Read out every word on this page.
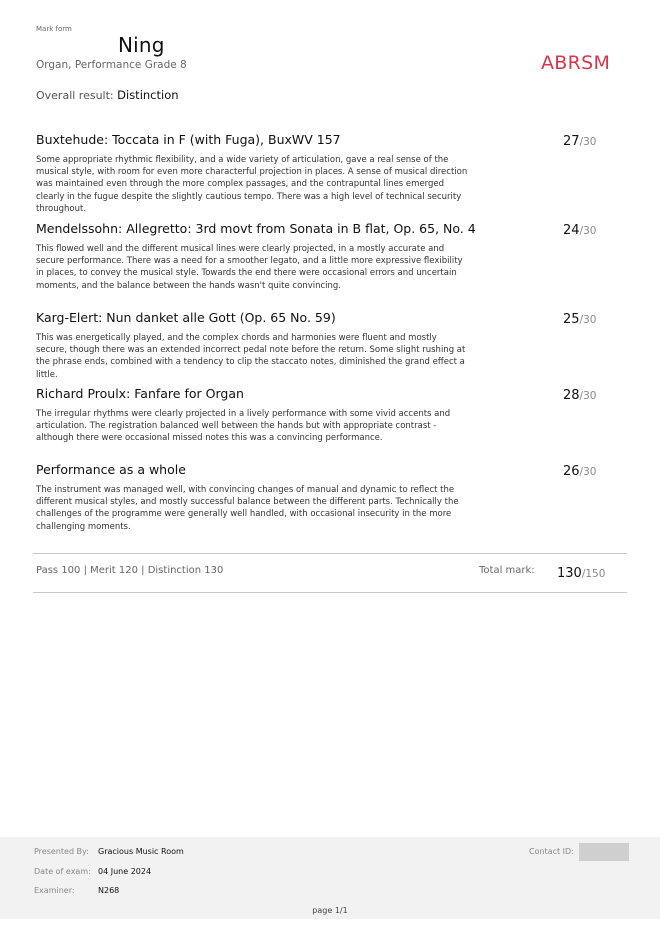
Mark form
Ning
Organ, Performance Grade 8	ABRSM
Overall result: Distinction
Buxtehude: Toccata in F (with Fuga), BuxWV 157	27/30
Some appropriate rhythmic flexibility, and a wide variety of articulation, gave a real sense of the musical style, with room for even more characterful projection in places. A sense of musical direction was maintained even through the more complex passages, and the contrapuntal lines emerged clearly in the fugue despite the slightly cautious tempo. There was a high level of technical security throughout.
Mendelssohn: Allegretto: 3rd movt from Sonata in B flat, Op. 65, No. 4	24/30
This flowed well and the different musical lines were clearly projected, in a mostly accurate and secure performance. There was a need for a smoother legato, and a little more expressive flexibility in places, to convey the musical style. Towards the end there were occasional errors and uncertain moments, and the balance between the hands wasn't quite convincing.
Karg-Elert: Nun danket alle Gott (Op. 65 No. 59)	25/30
This was energetically played, and the complex chords and harmonies were fluent and mostly secure, though there was an extended incorrect pedal note before the return. Some slight rushing at the phrase ends, combined with a tendency to clip the staccato notes, diminished the grand effect a little.
Richard Proulx: Fanfare for Organ	28/30
The irregular rhythms were clearly projected in a lively performance with some vivid accents and articulation. The registration balanced well between the hands but with appropriate contrast - although there were occasional missed notes this was a convincing performance.
Performance as a whole	26/30
The instrument was managed well, with convincing changes of manual and dynamic to reflect the different musical styles, and mostly successful balance between the different parts. Technically the challenges of the programme were generally well handled, with occasional insecurity in the more challenging moments.
Pass 100 | Merit 120 | Distinction 130	Total mark: 130/150
Presented By: Gracious Music Room
Date of exam: 04 June 2024
Examiner:	N268
Contact ID:
page 1/1
